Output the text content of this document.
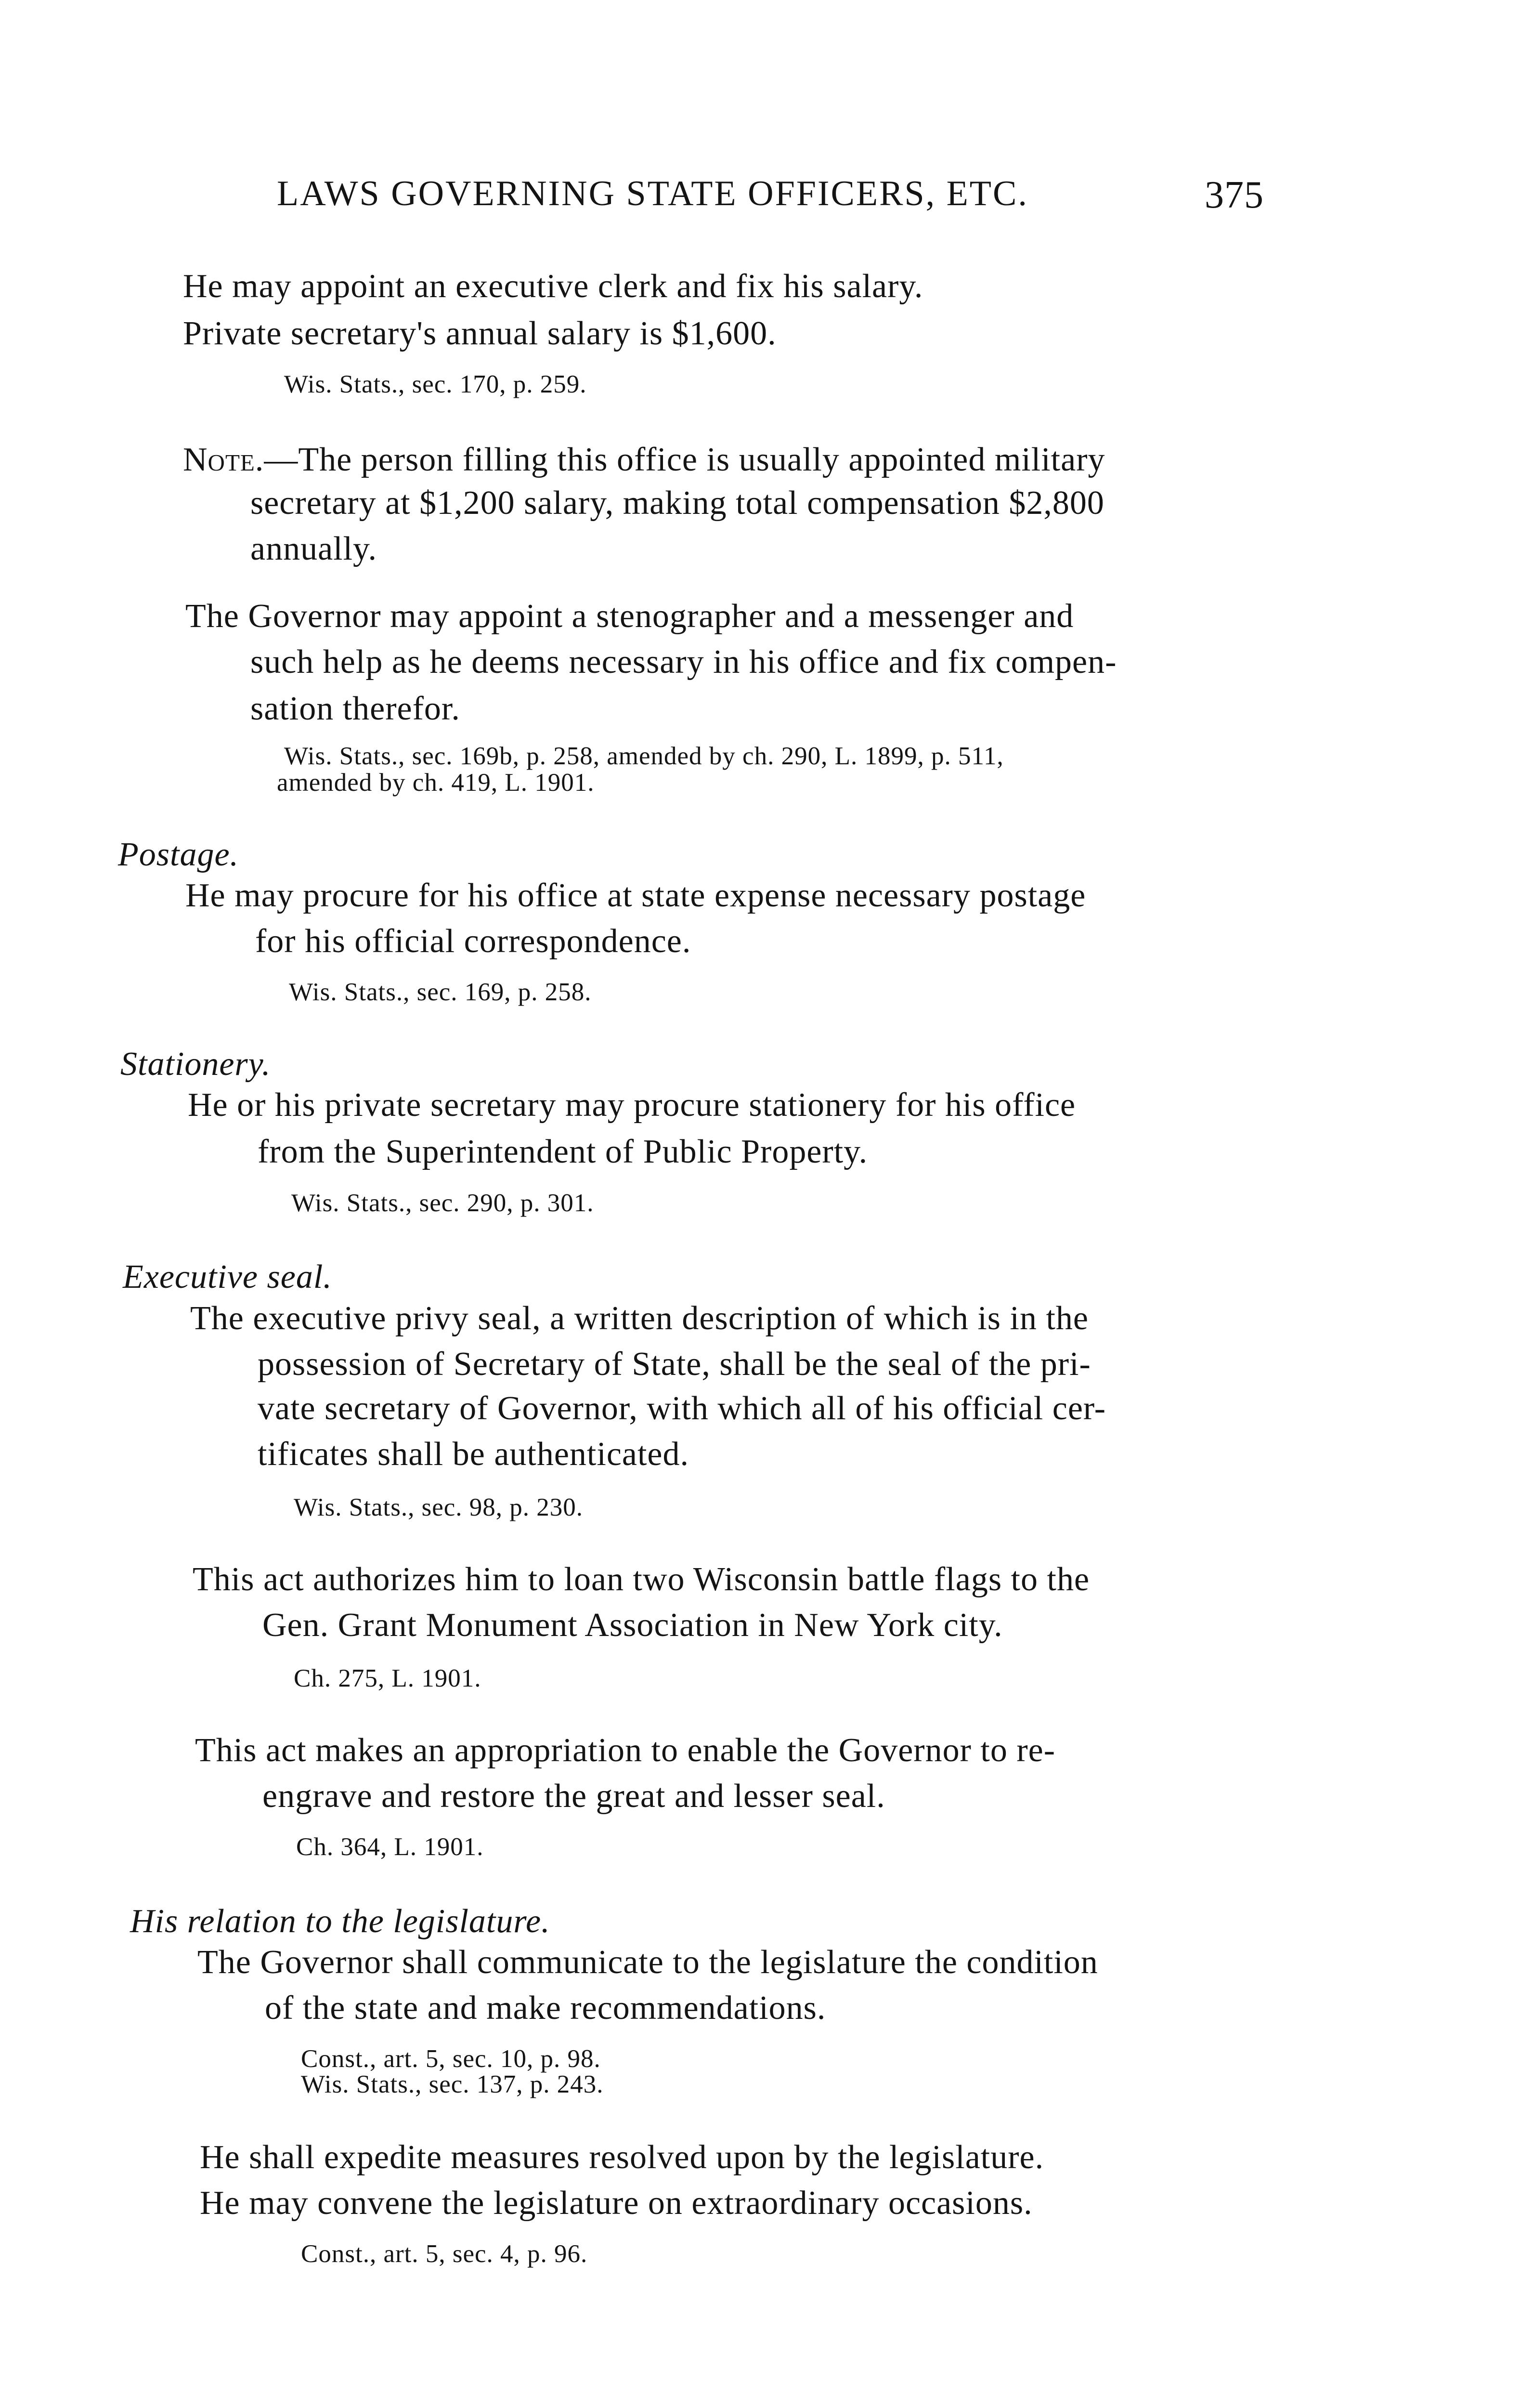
LAWS GOVERNING STATE OFFICERS, ETC.	375
He may appoint an executive clerk and fix his salary.
Private secretary's annual salary is $1,600.
Wis. Stats., sec. 170, p. 259.
Note.—The person filling this office is usually appointed military
secretary at $1,200 salary, making total compensation $2,800
annually.
The Governor may appoint a stenographer and a messenger and
such help as he deems necessary in his office and fix compen-
sation therefor.
Wis. Stats., sec. 169b, p. 258, amended by ch. 290, L. 1899, p. 511,
amended by ch. 419, L. 1901.
Postage.
He may procure for his office at state expense necessary postage
for his official correspondence.
Wis. Stats., sec. 169, p. 258.
Stationery.
He or his private secretary may procure stationery for his office
from the Superintendent of Public Property.
Wis. Stats., sec. 290, p. 301.
Executive seal.
The executive privy seal, a written description of which is in the
possession of Secretary of State, shall be the seal of the pri-
vate secretary of Governor, with which all of his official cer-
tificates shall be authenticated.
Wis. Stats., sec. 98, p. 230.
This act authorizes him to loan two Wisconsin battle flags to the
Gen. Grant Monument Association in New York city.
Ch. 275, L. 1901.
This act makes an appropriation to enable the Governor to re-
engrave and restore the great and lesser seal.
Ch. 364, L. 1901.
His relation to the legislature.
The Governor shall communicate to the legislature the condition
of the state and make recommendations.
Const., art. 5, sec. 10, p. 98.
Wis. Stats., sec. 137, p. 243.
He shall expedite measures resolved upon by the legislature.
He may convene the legislature on extraordinary occasions.
Const., art. 5, sec. 4, p. 96.
